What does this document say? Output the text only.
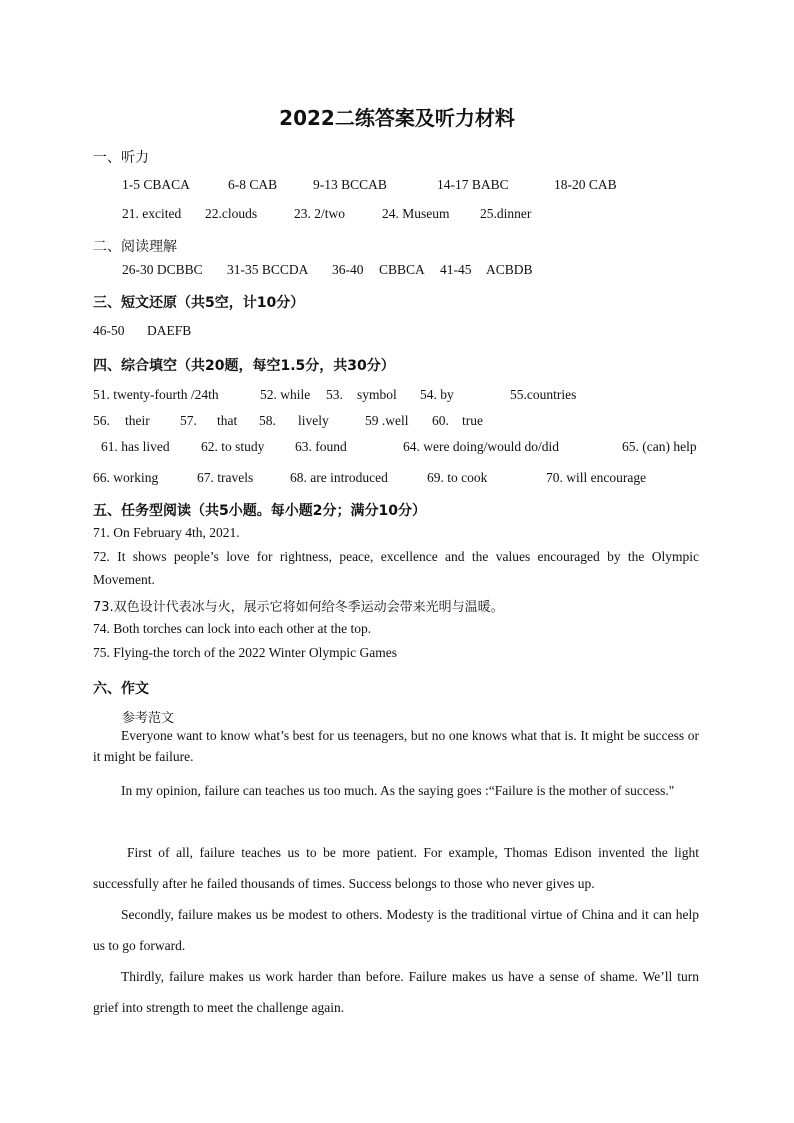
2022二练答案及听力材料
一、听力
1-5 CBACA	6-8 CAB	9-13 BCCAB	14-17 BABC	18-20 CAB
21. excited 22.clouds	23. 2/two	24. Museum 25.dinner
二、阅读理解
26-30 DCBBC 31-35 BCCDA 36-40 CBBCA 41-45 ACBDB
三、短文还原（共5空，计10分）
46-50 DAEFB
四、综合填空（共20题，每空1.5分，共30分）
51. twenty-fourth /24th	52. while 53. symbol 54. by	55.countries
56. their 57. that 58. lively	59 .well 60. true
61. has lived 62. to study 63. found	64. were doing/would do/did	65. (can) help
66. working	67. travels	68. are introduced	69. to cook	70. will encourage
五、任务型阅读（共5小题。每小题2分；满分10分）
71. On February 4th, 2021.
72. It shows people’s love for rightness, peace, excellence and the values encouraged by the Olympic Movement.
73.双色设计代表冰与火，展示它将如何给冬季运动会带来光明与温暖。
74. Both torches can lock into each other at the top.
75. Flying-the torch of the 2022 Winter Olympic Games
六、作文
参考范文
Everyone want to know what’s best for us teenagers, but no one knows what that is. It might be success or it might be failure.
In my opinion, failure can teaches us too much. As the saying goes :“Failure is the mother of success."
First of all, failure teaches us to be more patient. For example, Thomas Edison invented the light successfully after he failed thousands of times. Success belongs to those who never gives up.
Secondly, failure makes us be modest to others. Modesty is the traditional virtue of China and it can help us to go forward.
Thirdly, failure makes us work harder than before. Failure makes us have a sense of shame. We’ll turn grief into strength to meet the challenge again.
